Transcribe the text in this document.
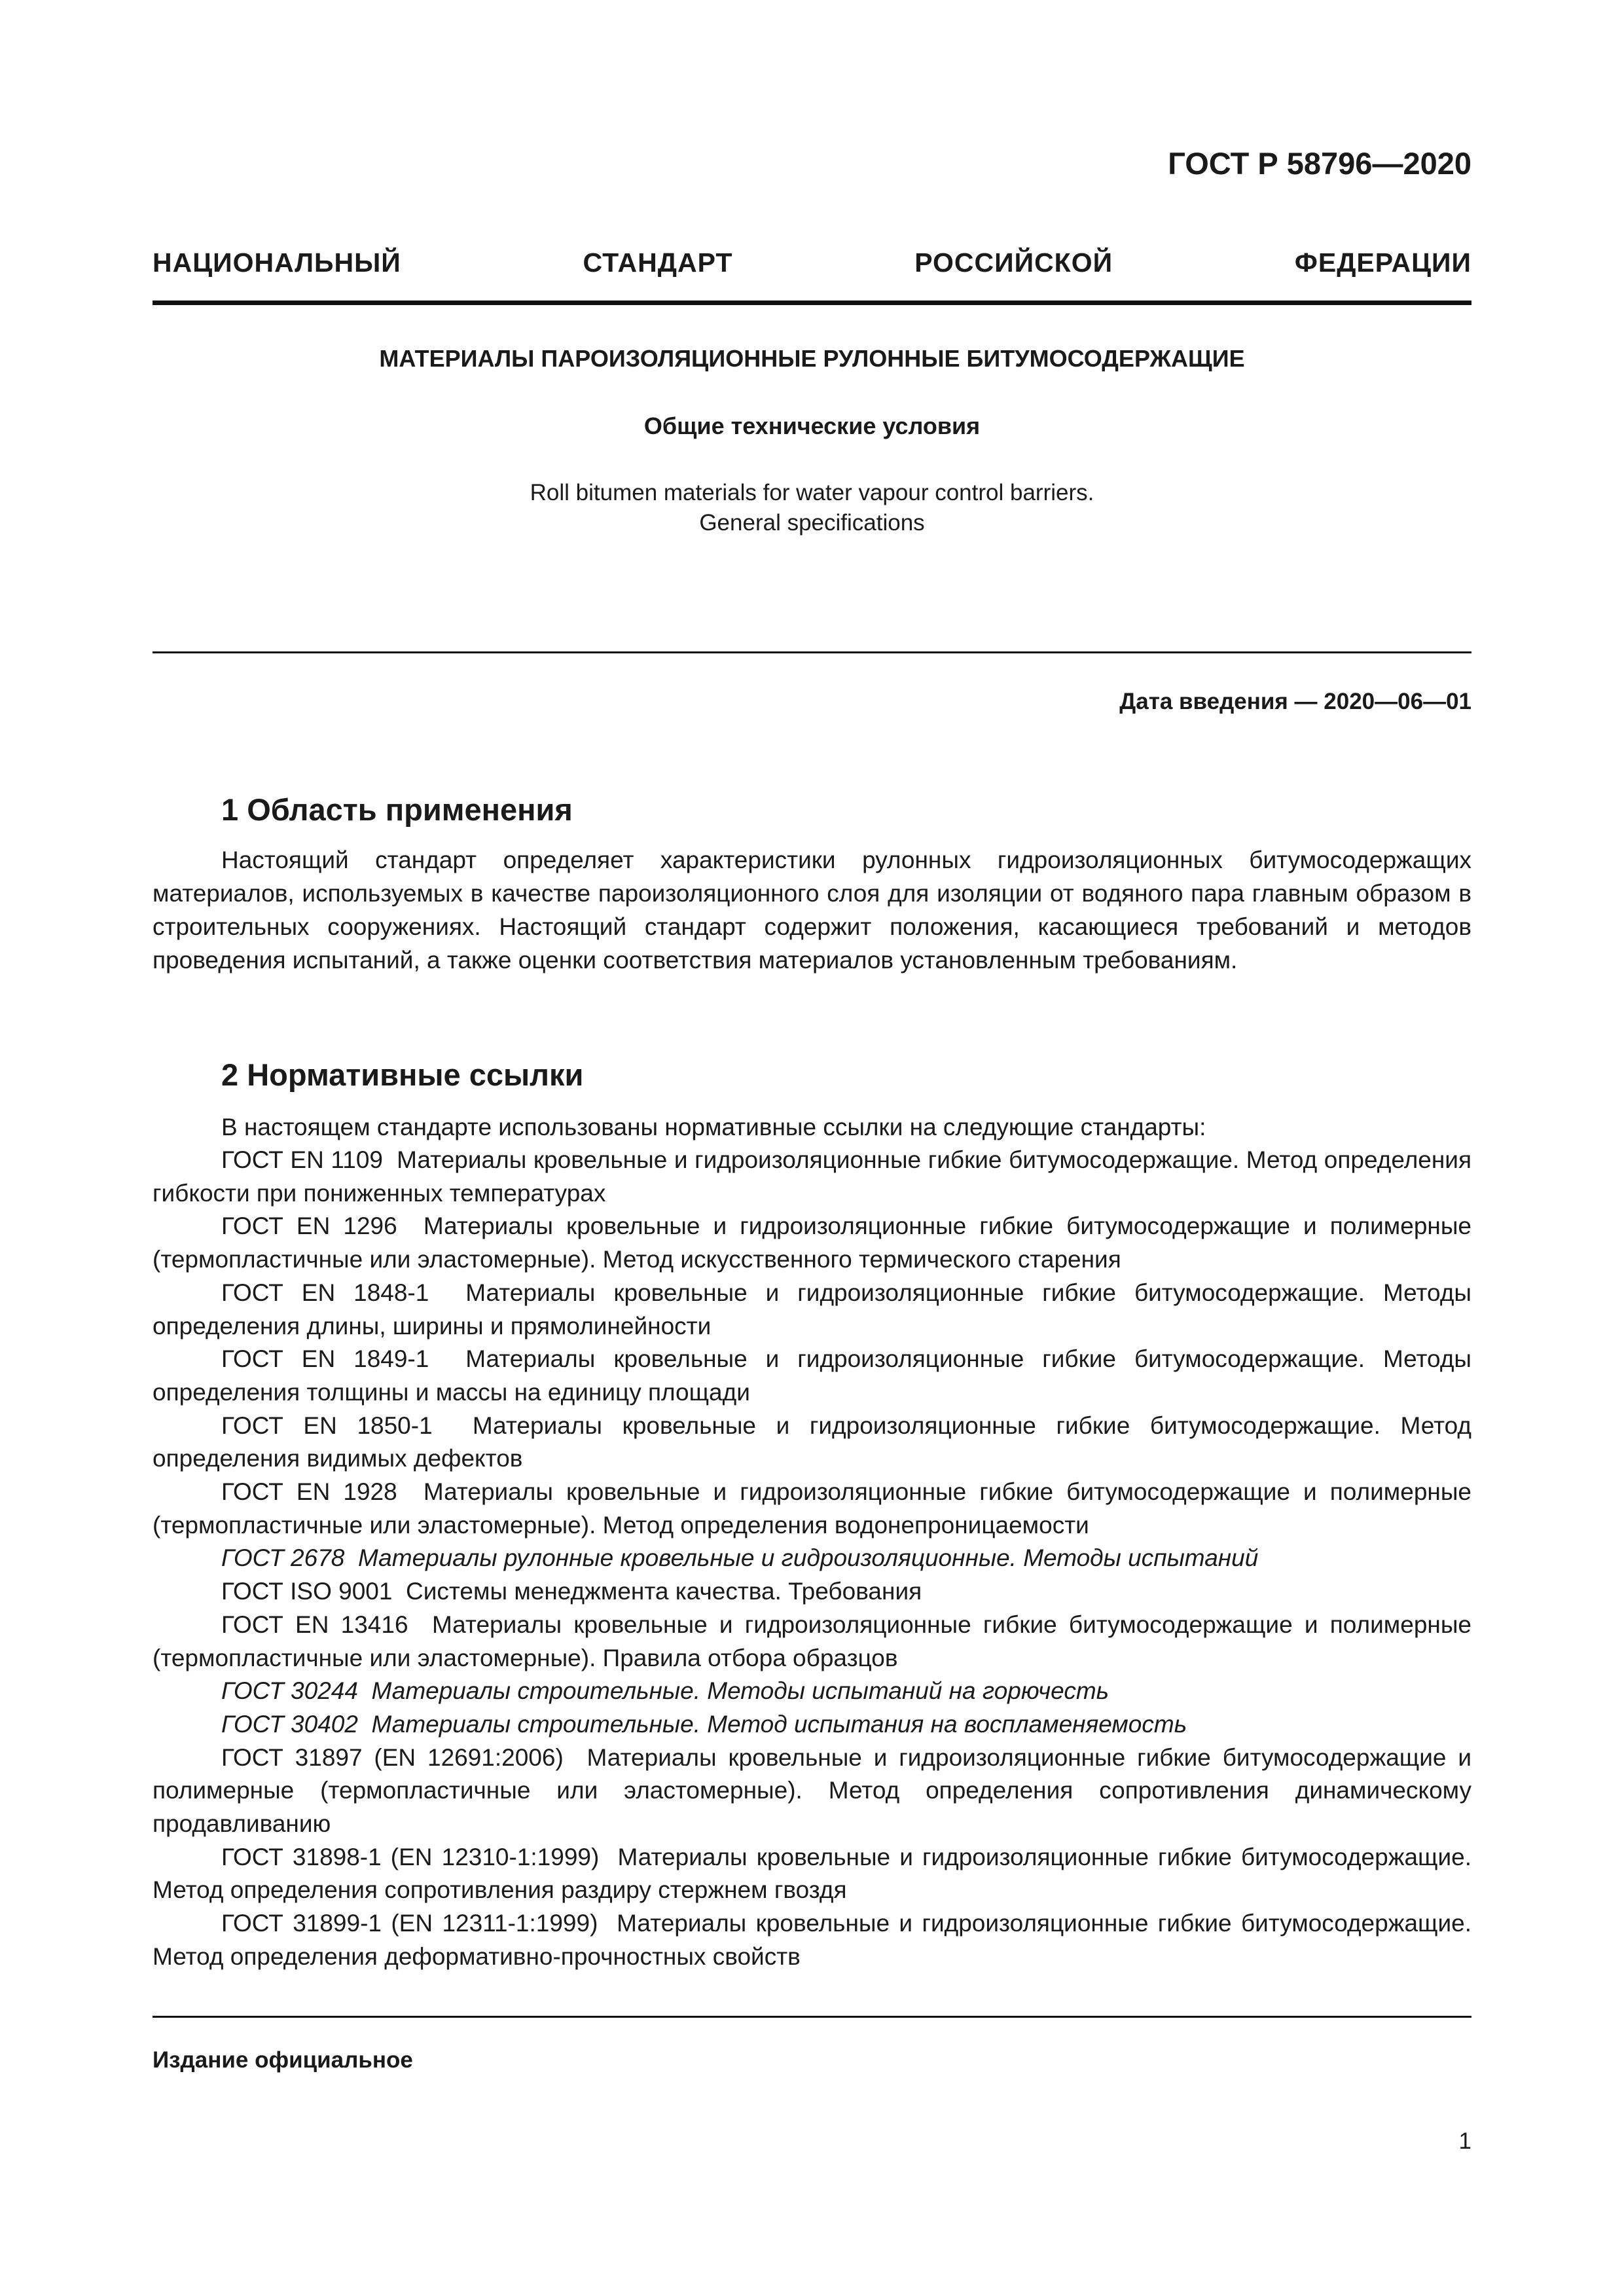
ГОСТ Р 58796—2020
НАЦИОНАЛЬНЫЙ СТАНДАРТ РОССИЙСКОЙ ФЕДЕРАЦИИ
МАТЕРИАЛЫ ПАРОИЗОЛЯЦИОННЫЕ РУЛОННЫЕ БИТУМОСОДЕРЖАЩИЕ
Общие технические условия
Roll bitumen materials for water vapour control barriers.
General specifications
Дата введения — 2020—06—01
1 Область применения

Настоящий стандарт определяет характеристики рулонных гидроизоляционных битумосодержащих материалов, используемых в качестве пароизоляционного слоя для изоляции от водяного пара главным образом в строительных сооружениях. Настоящий стандарт содержит положения, касающиеся требований и методов проведения испытаний, а также оценки соответствия материалов установленным требованиям.

2 Нормативные ссылки

В настоящем стандарте использованы нормативные ссылки на следующие стандарты:

ГОСТ EN 1109 Материалы кровельные и гидроизоляционные гибкие битумосодержащие. Метод определения гибкости при пониженных температурах

ГОСТ EN 1296 Материалы кровельные и гидроизоляционные гибкие битумосодержащие и полимерные (термопластичные или эластомерные). Метод искусственного термического старения

ГОСТ EN 1848-1 Материалы кровельные и гидроизоляционные гибкие битумосодержащие. Методы определения длины, ширины и прямолинейности

ГОСТ EN 1849-1 Материалы кровельные и гидроизоляционные гибкие битумосодержащие. Методы определения толщины и массы на единицу площади

ГОСТ EN 1850-1 Материалы кровельные и гидроизоляционные гибкие битумосодержащие. Метод определения видимых дефектов

ГОСТ EN 1928 Материалы кровельные и гидроизоляционные гибкие битумосодержащие и полимерные (термопластичные или эластомерные). Метод определения водонепроницаемости

ГОСТ 2678 Материалы рулонные кровельные и гидроизоляционные. Методы испытаний

ГОСТ ISO 9001 Системы менеджмента качества. Требования

ГОСТ EN 13416 Материалы кровельные и гидроизоляционные гибкие битумосодержащие и полимерные (термопластичные или эластомерные). Правила отбора образцов

ГОСТ 30244 Материалы строительные. Методы испытаний на горючесть

ГОСТ 30402 Материалы строительные. Метод испытания на воспламеняемость

ГОСТ 31897 (EN 12691:2006) Материалы кровельные и гидроизоляционные гибкие битумосодержащие и полимерные (термопластичные или эластомерные). Метод определения сопротивления динамическому продавливанию

ГОСТ 31898-1 (EN 12310-1:1999) Материалы кровельные и гидроизоляционные гибкие битумосодержащие. Метод определения сопротивления раздиру стержнем гвоздя

ГОСТ 31899-1 (EN 12311-1:1999) Материалы кровельные и гидроизоляционные гибкие битумосодержащие. Метод определения деформативно-прочностных свойств

Издание официальное
1
